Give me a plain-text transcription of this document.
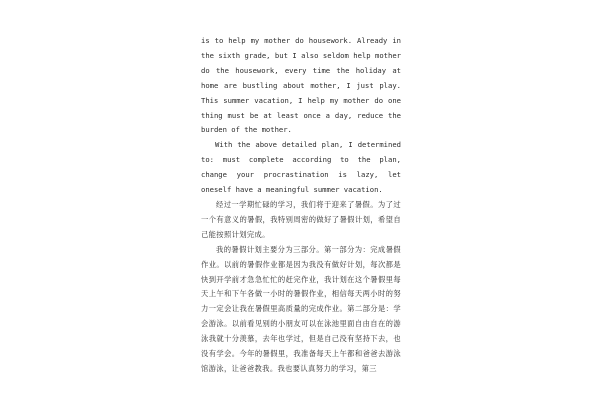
is to help my mother do housework. Already in the sixth grade, but I also seldom help mother do the housework, every time the holiday at home are bustling about mother, I just play. This summer vacation, I help my mother do one thing must be at least once a day, reduce the burden of the mother.

With the above detailed plan, I determined to: must complete according to the plan, change your procrastination is lazy, let oneself have a meaningful summer vacation.

经过一学期忙碌的学习，我们将于迎来了暑假。为了过一个有意义的暑假，我特别周密的做好了暑假计划，希望自己能按照计划完成。

我的暑假计划主要分为三部分。第一部分为：完成暑假作业。以前的暑假作业都是因为我没有做好计划，每次都是快到开学前才急急忙忙的赶完作业，我计划在这个暑假里每天上午和下午各做一小时的暑假作业，相信每天两小时的努力一定会让我在暑假里高质量的完成作业。第二部分是：学会游泳。以前看见别的小朋友可以在泳池里面自由自在的游泳我就十分羡慕，去年也学过，但是自己没有坚持下去，也没有学会。今年的暑假里，我准备每天上午都和爸爸去游泳馆游泳，让爸爸教我。我也要认真努力的学习，第三
